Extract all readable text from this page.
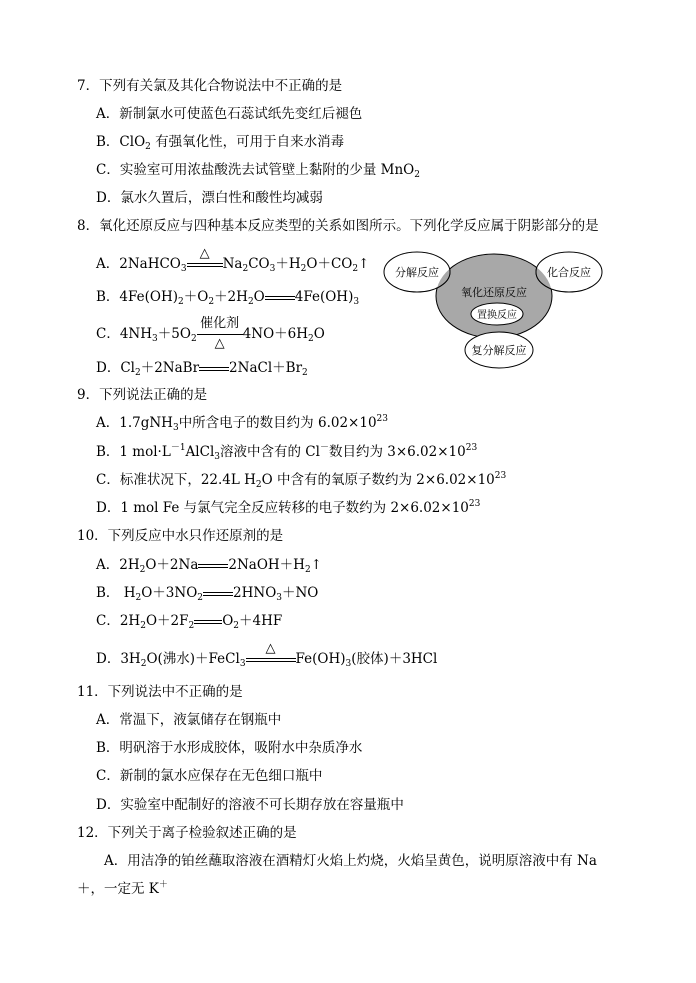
7．下列有关氯及其化合物说法中不正确的是
A．新制氯水可使蓝色石蕊试纸先变红后褪色
B．ClO$_2$ 有强氧化性，可用于自来水消毒
C．实验室可用浓盐酸洗去试管壁上黏附的少量 MnO$_2$
D．氯水久置后，漂白性和酸性均减弱
8．氧化还原反应与四种基本反应类型的关系如图所示。下列化学反应属于阴影部分的是
A．2NaHCO$_3$
△
$Na_2CO_3+H_2O+CO_2↑$
B．$4Fe(OH)_2+O_2+2H_2O$ $4Fe(OH)_3$
C．$4NH_3+5O_2$
催化剂
△
$4NO+6H_2O$
D．$Cl_2+2NaBr$ $2NaCl+Br_2$
分解反应	化合反应
氧化还原反应
置换反应
复分解反应
9．下列说法正确的是
A．1.7gNH$_3$中所含电子的数目约为 $6.02\times 10^{23}$
B．1 $mol\cdot L^{-1}AlCl_3$溶液中含有的 Cl－数目约为 $3\times 6.02\times 10^{23}$
C．标准状况下，22.4L $H_2O$ 中含有的氧原子数约为 $2\times 6.02\times 10^{23}$
D．1 mol Fe 与氯气完全反应转移的电子数约为 $2\times 6.02\times 10^{23}$
10．下列反应中水只作还原剂的是
A．$2H_2O+2Na$ $2NaOH+H_2↑$
B． $H_2O+3NO_2$ $2HNO_3+NO$
C．$2H_2O+2F_2$ $O_2+4HF$
D．$3H_2O$(沸水)＋FeCl$_3$
△
$Fe(OH)_3$(胶体)＋3HCl
11．下列说法中不正确的是
A．常温下，液氯储存在钢瓶中
B．明矾溶于水形成胶体，吸附水中杂质净水
C．新制的氯水应保存在无色细口瓶中
D．实验室中配制好的溶液不可长期存放在容量瓶中
12．下列关于离子检验叙述正确的是
A．用洁净的铂丝蘸取溶液在酒精灯火焰上灼烧，火焰呈黄色，说明原溶液中有 Na
＋，一定无 K＋
